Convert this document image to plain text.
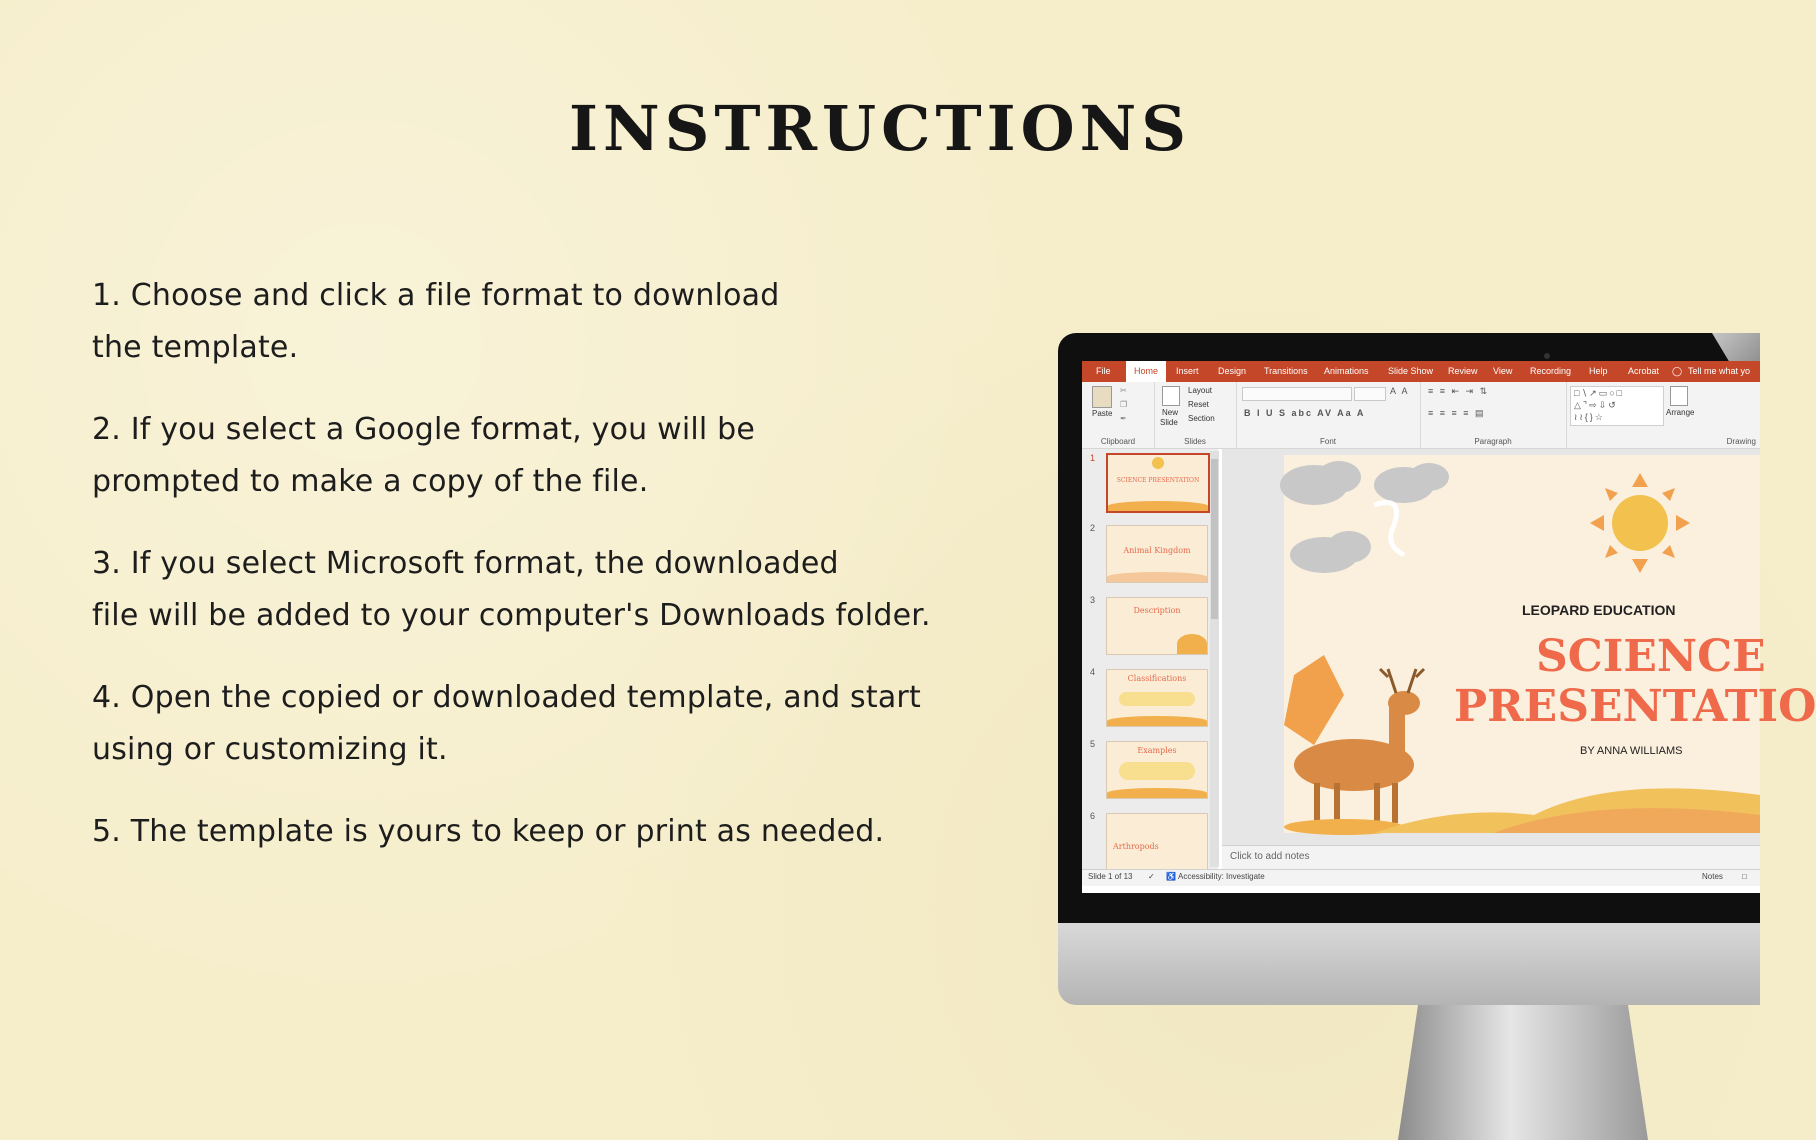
INSTRUCTIONS
1. Choose and click a file format to download
the template.
2. If you select a Google format, you will be
prompted to make a copy of the file.
3. If you select Microsoft format, the downloaded
file will be added to your computer's Downloads folder.
4. Open the copied or downloaded template, and start
using or customizing it.
5. The template is yours to keep or print as needed.
File	Home	Insert Design Transitions Animations Slide Show Review View Recording Help Acrobat ◯ Tell me what yo
Paste
✂
❐
✒
Clipboard
New
Slide
Layout
Reset
Section
Slides
A A
B I U S abc AV Aa A
Font
≡ ≡ ⇤ ⇥ ⇅
≡ ≡ ≡ ≡ ▤
Paragraph
□∖↗▭○□
△⌝⇨⇩↺
≀≀{}☆	Arrange
Drawing
1
SCIENCE PRESENTATION
2
Animal Kingdom
3
Description
4
Classifications
5
Examples
6
Arthropods
LEOPARD EDUCATION
SCIENCE
PRESENTATIO
BY ANNA WILLIAMS
Click to add notes
Slide 1 of 13 ✓ ♿ Accessibility: Investigate	Notes □
